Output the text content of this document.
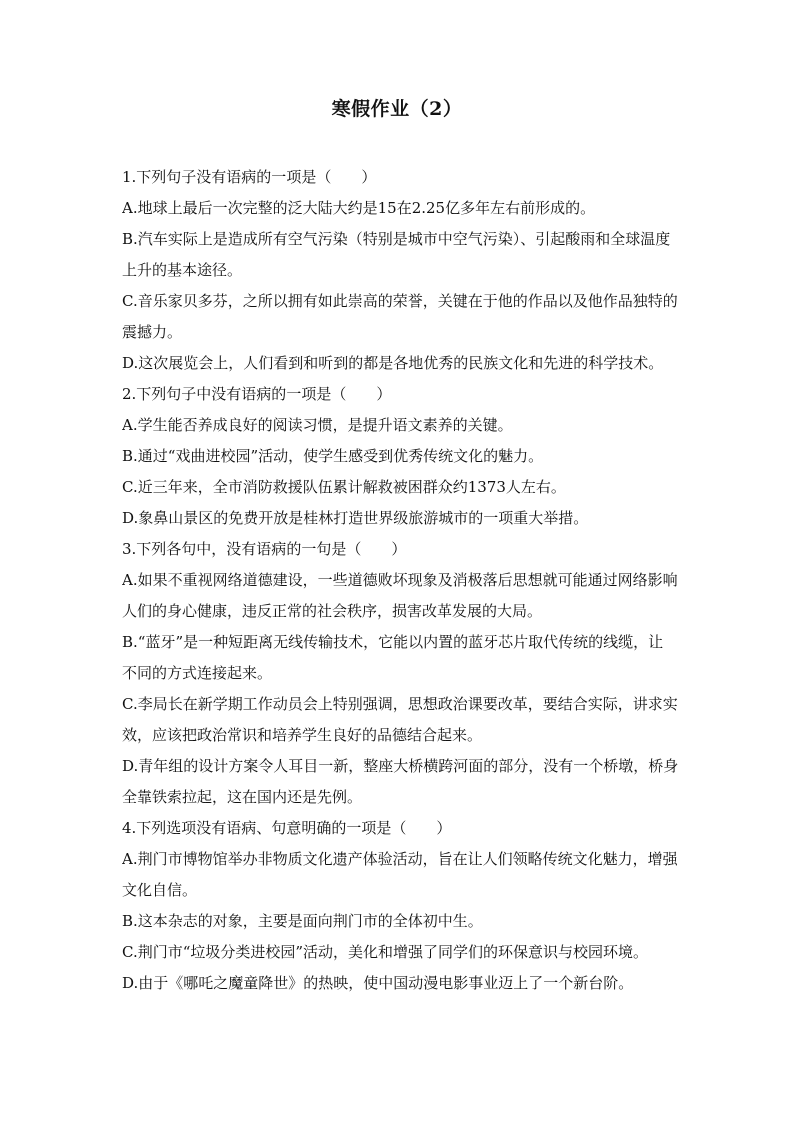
寒假作业（2）
1.下列句子没有语病的一项是（　　）
A.地球上最后一次完整的泛大陆大约是15在2.25亿多年左右前形成的。
B.汽车实际上是造成所有空气污染（特别是城市中空气污染）、引起酸雨和全球温度
上升的基本途径。
C.音乐家贝多芬，之所以拥有如此崇高的荣誉，关键在于他的作品以及他作品独特的
震撼力。
D.这次展览会上，人们看到和听到的都是各地优秀的民族文化和先进的科学技术。
2.下列句子中没有语病的一项是（　　）
A.学生能否养成良好的阅读习惯，是提升语文素养的关键。
B.通过“戏曲进校园”活动，使学生感受到优秀传统文化的魅力。
C.近三年来，全市消防救援队伍累计解救被困群众约1373人左右。
D.象鼻山景区的免费开放是桂林打造世界级旅游城市的一项重大举措。
3.下列各句中，没有语病的一句是（　　）
A.如果不重视网络道德建设，一些道德败坏现象及消极落后思想就可能通过网络影响
人们的身心健康，违反正常的社会秩序，损害改革发展的大局。
B.“蓝牙”是一种短距离无线传输技术，它能以内置的蓝牙芯片取代传统的线缆，让
不同的方式连接起来。
C.李局长在新学期工作动员会上特别强调，思想政治课要改革，要结合实际，讲求实
效，应该把政治常识和培养学生良好的品德结合起来。
D.青年组的设计方案令人耳目一新，整座大桥横跨河面的部分，没有一个桥墩，桥身
全靠铁索拉起，这在国内还是先例。
4.下列选项没有语病、句意明确的一项是（　　）
A.荆门市博物馆举办非物质文化遗产体验活动，旨在让人们领略传统文化魅力，增强
文化自信。
B.这本杂志的对象，主要是面向荆门市的全体初中生。
C.荆门市“垃圾分类进校园”活动，美化和增强了同学们的环保意识与校园环境。
D.由于《哪吒之魔童降世》的热映，使中国动漫电影事业迈上了一个新台阶。
